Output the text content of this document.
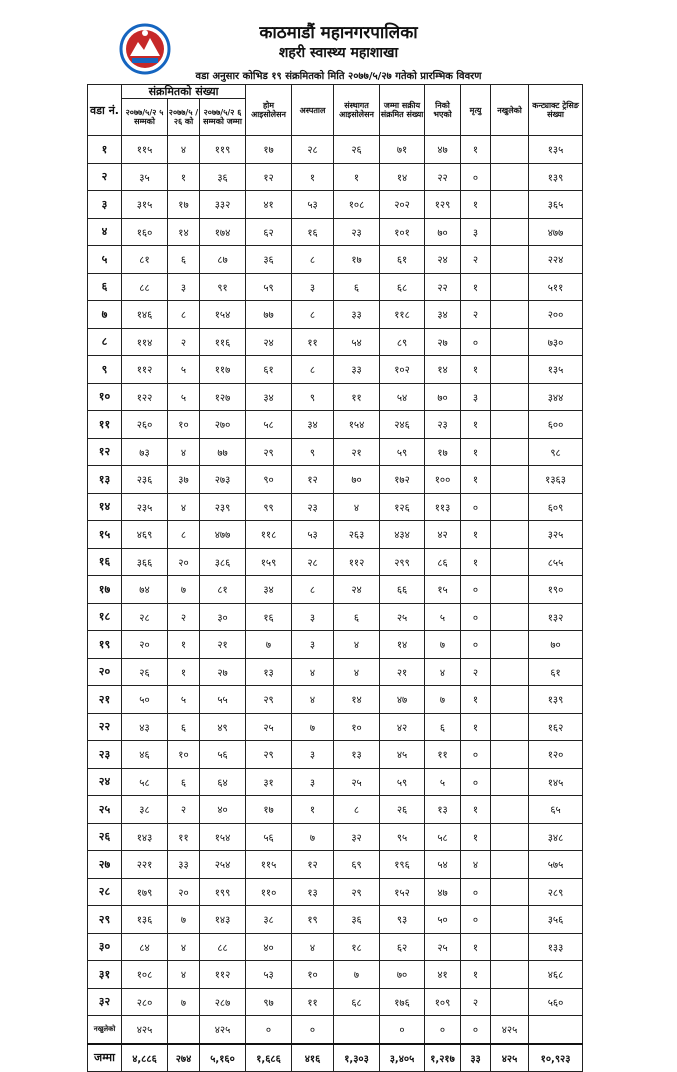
काठमाडौं महानगरपालिका
शहरी स्वास्थ्य महाशाखा
वडा अनुसार कोभिड १९ संक्रमितको मिति २०७७/५/२७ गतेको प्रारम्भिक विवरण
वडा नं.	संक्रमितको संख्या			होम आइसोलेसन	अस्पताल	संस्थागत आइसोलेसन	जम्मा सक्रीय संक्रमित संख्या	निको भएको	मृत्यु	नखुलेको	कन्ट्याक्ट ट्रेसिङ संख्या
	२०७७/५/२ ५ सम्मको	२०७७/५ /२६ को	२०७७/५/२ ६ सम्मको जम्मा								
१	११५	४	११९	१७	२८	२६	७१	४७	१		१३५
२	३५	१	३६	१२	१	१	१४	२२	०		१३९
३	३१५	१७	३३२	४१	५३	१०८	२०२	१२९	१		३६५
४	१६०	१४	१७४	६२	१६	२३	१०१	७०	३		४७७
५	८१	६	८७	३६	८	१७	६१	२४	२		२२४
६	८८	३	९१	५९	३	६	६८	२२	१		५११
७	१४६	८	१५४	७७	८	३३	११८	३४	२		२००
८	११४	२	११६	२४	११	५४	८९	२७	०		७३०
९	११२	५	११७	६१	८	३३	१०२	१४	१		१३५
१०	१२२	५	१२७	३४	९	११	५४	७०	३		३४४
११	२६०	१०	२७०	५८	३४	१५४	२४६	२३	१		६००
१२	७३	४	७७	२९	९	२१	५९	१७	१		९८
१३	२३६	३७	२७३	९०	१२	७०	१७२	१००	१		१३६३
१४	२३५	४	२३९	९९	२३	४	१२६	११३	०		६०९
१५	४६९	८	४७७	११८	५३	२६३	४३४	४२	१		३२५
१६	३६६	२०	३८६	१५९	२८	११२	२९९	८६	१		८५५
१७	७४	७	८१	३४	८	२४	६६	१५	०		१९०
१८	२८	२	३०	१६	३	६	२५	५	०		१३२
१९	२०	१	२१	७	३	४	१४	७	०		७०
२०	२६	१	२७	१३	४	४	२१	४	२		६१
२१	५०	५	५५	२९	४	१४	४७	७	१		१३९
२२	४३	६	४९	२५	७	१०	४२	६	१		१६२
२३	४६	१०	५६	२९	३	१३	४५	११	०		१२०
२४	५८	६	६४	३१	३	२५	५९	५	०		१४५
२५	३८	२	४०	१७	१	८	२६	१३	१		६५
२६	१४३	११	१५४	५६	७	३२	९५	५८	१		३४८
२७	२२१	३३	२५४	११५	१२	६९	१९६	५४	४		५७५
२८	१७९	२०	१९९	११०	१३	२९	१५२	४७	०		२८९
२९	१३६	७	१४३	३८	१९	३६	९३	५०	०		३५६
३०	८४	४	८८	४०	४	१८	६२	२५	१		१३३
३१	१०८	४	११२	५३	१०	७	७०	४१	१		४६८
३२	२८०	७	२८७	९७	११	६८	१७६	१०९	२		५६०
नखुलेको	४२५		४२५	०	०		०	०	०	४२५	
जम्मा	४,८८६	२७४	५,१६०	१,६८६	४१६	१,३०३	३,४०५	१,२१७	३३	४२५	१०,९२३
